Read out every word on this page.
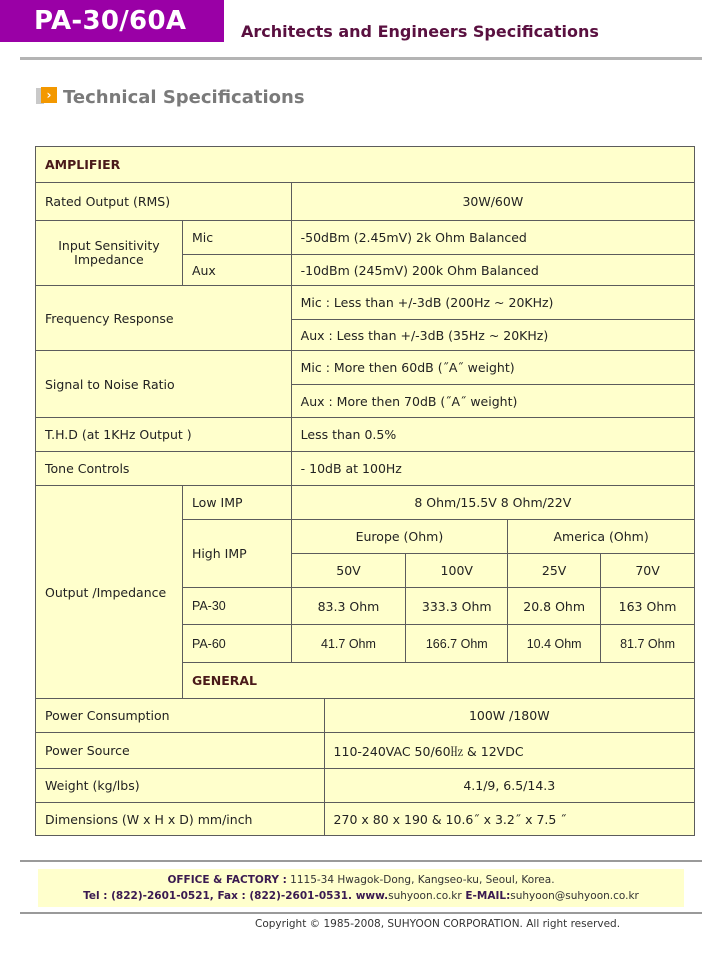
PA-30/60A	Architects and Engineers Specifications
› Technical Specifications
AMPLIFIER						
Rated Output (RMS)		30W/60W				
Input Sensitivity Impedance	Mic	-50dBm (2.45mV) 2k Ohm Balanced				
	Aux	-10dBm (245mV) 200k Ohm Balanced				
Frequency Response		Mic : Less than +/-3dB (200Hz ~ 20KHz)				
		Aux : Less than +/-3dB (35Hz ~ 20KHz)				
Signal to Noise Ratio		Mic : More then 60dB (˝A˝ weight)				
		Aux : More then 70dB (˝A˝ weight)				
T.H.D (at 1KHz Output )		Less than 0.5%				
Tone Controls		- 10dB at 100Hz				
Output /Impedance	Low IMP	8 Ohm/15.5V 8 Ohm/22V				
	High IMP	Europe (Ohm)			America (Ohm)	
		50V		100V	25V	70V
	PA-30	83.3 Ohm		333.3 Ohm	20.8 Ohm	163 Ohm
	PA-60	41.7 Ohm		166.7 Ohm	10.4 Ohm	81.7 Ohm
	GENERAL					
Power Consumption			100W /180W			
Power Source			110-240VAC 50/60㎐ & 12VDC			
Weight (kg/lbs)			4.1/9, 6.5/14.3			
Dimensions (W x H x D) mm/inch			270 x 80 x 190 & 10.6˝ x 3.2˝ x 7.5 ˝			
OFFICE & FACTORY : 1115-34 Hwagok-Dong, Kangseo-ku, Seoul, Korea.
Tel : (822)-2601-0521, Fax : (822)-2601-0531. www.suhyoon.co.kr E-MAIL:suhyoon@suhyoon.co.kr
Copyright © 1985-2008, SUHYOON CORPORATION. All right reserved.
